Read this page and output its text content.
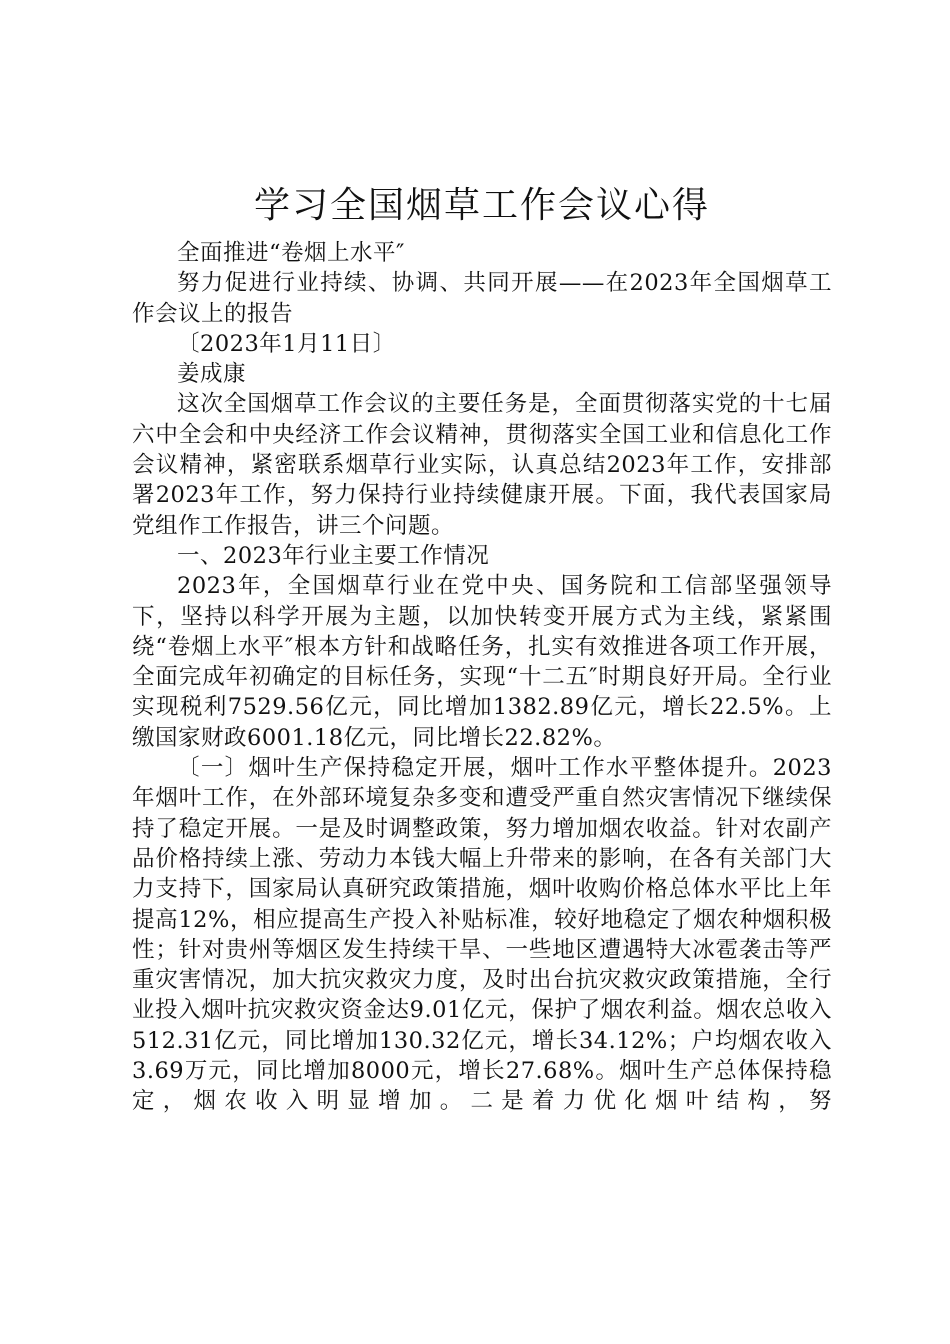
学习全国烟草工作会议心得

全面推进“卷烟上水平″

努力促进行业持续、协调、共同开展——在2023年全国烟草工作会议上的报告

〔2023年1月11日〕

姜成康

这次全国烟草工作会议的主要任务是，全面贯彻落实党的十七届六中全会和中央经济工作会议精神，贯彻落实全国工业和信息化工作会议精神，紧密联系烟草行业实际，认真总结2023年工作，安排部署2023年工作，努力保持行业持续健康开展。下面，我代表国家局党组作工作报告，讲三个问题。

一、2023年行业主要工作情况

2023年，全国烟草行业在党中央、国务院和工信部坚强领导下，坚持以科学开展为主题，以加快转变开展方式为主线，紧紧围绕“卷烟上水平″根本方针和战略任务，扎实有效推进各项工作开展，全面完成年初确定的目标任务，实现“十二五″时期良好开局。全行业实现税利7529.56亿元，同比增加1382.89亿元，增长22.5%。上缴国家财政6001.18亿元，同比增长22.82%。

〔一〕烟叶生产保持稳定开展，烟叶工作水平整体提升。2023年烟叶工作，在外部环境复杂多变和遭受严重自然灾害情况下继续保持了稳定开展。一是及时调整政策，努力增加烟农收益。针对农副产品价格持续上涨、劳动力本钱大幅上升带来的影响，在各有关部门大力支持下，国家局认真研究政策措施，烟叶收购价格总体水平比上年提高12%，相应提高生产投入补贴标准，较好地稳定了烟农种烟积极性；针对贵州等烟区发生持续干旱、一些地区遭遇特大冰雹袭击等严重灾害情况，加大抗灾救灾力度，及时出台抗灾救灾政策措施，全行业投入烟叶抗灾救灾资金达9.01亿元，保护了烟农利益。烟农总收入512.31亿元，同比增加130.32亿元，增长34.12%；户均烟农收入3.69万元，同比增加8000元，增长27.68%。烟叶生产总体保持稳定，烟农收入明显增加。二是着力优化烟叶结构，努
